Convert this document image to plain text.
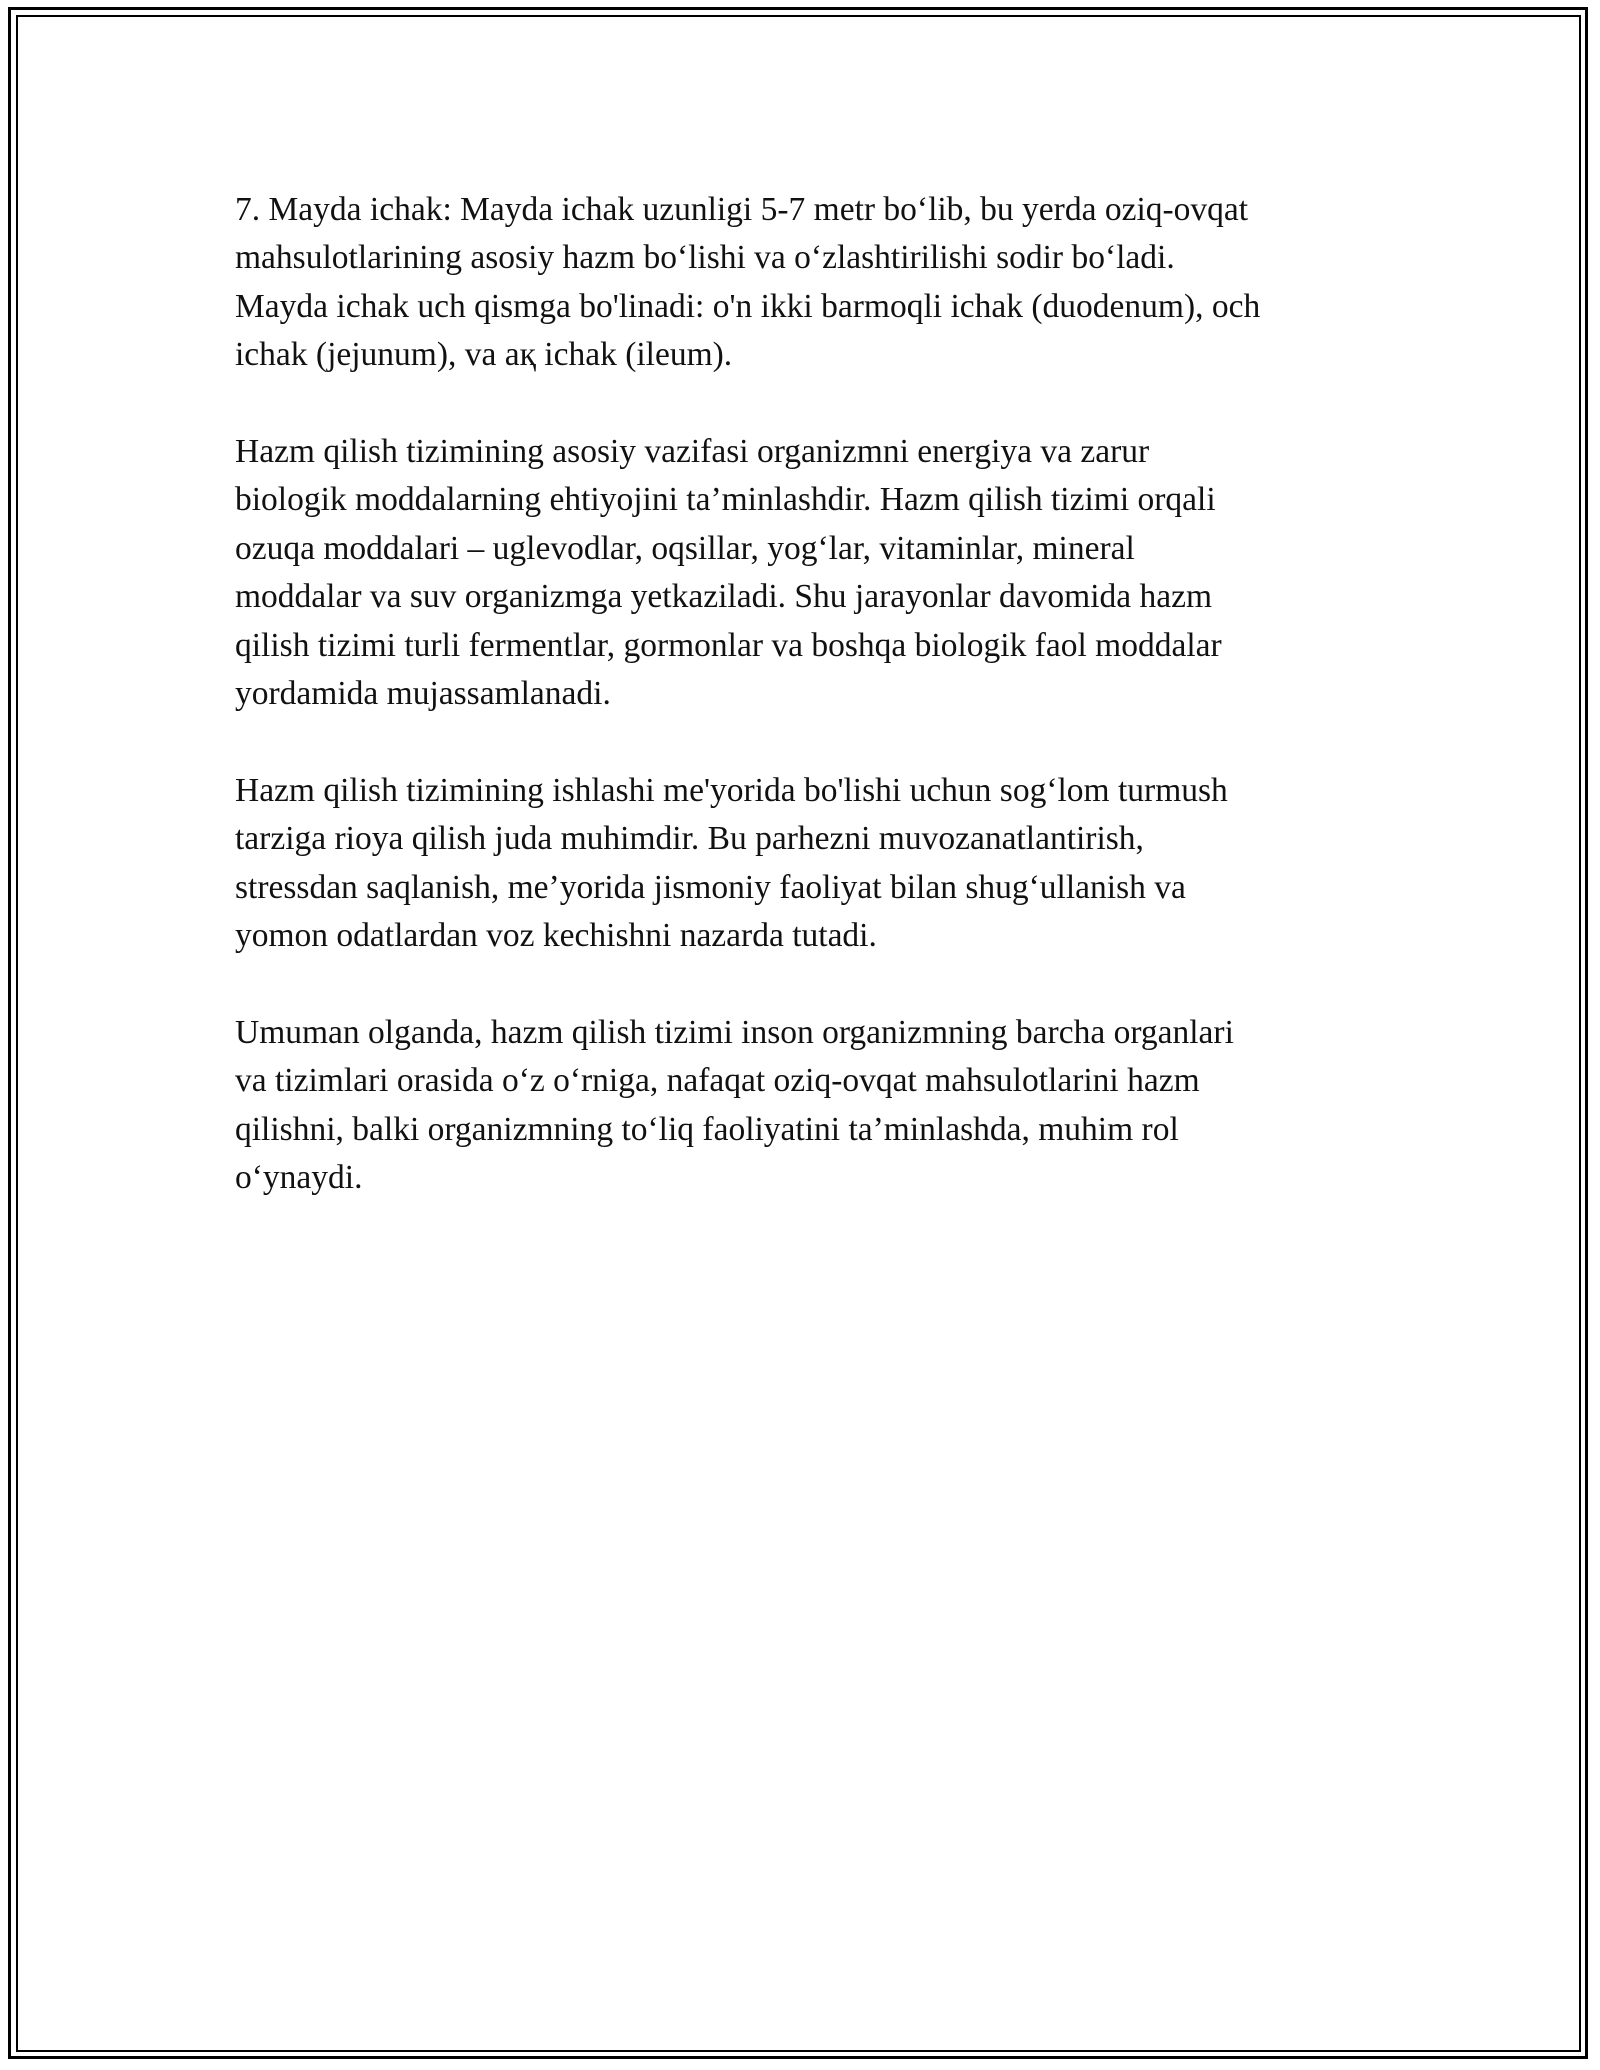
7. Mayda ichak: Mayda ichak uzunligi 5-7 metr bo‘lib, bu yerda oziq-ovqat
mahsulotlarining asosiy hazm bo‘lishi va o‘zlashtirilishi sodir bo‘ladi.
Mayda ichak uch qismga bo'linadi: o'n ikki barmoqli ichak (duodenum), och
ichak (jejunum), va aқ ichak (ileum).

Hazm qilish tizimining asosiy vazifasi organizmni energiya va zarur
biologik moddalarning ehtiyojini ta’minlashdir. Hazm qilish tizimi orqali
ozuqa moddalari – uglevodlar, oqsillar, yog‘lar, vitaminlar, mineral
moddalar va suv organizmga yetkaziladi. Shu jarayonlar davomida hazm
qilish tizimi turli fermentlar, gormonlar va boshqa biologik faol moddalar
yordamida mujassamlanadi.

Hazm qilish tizimining ishlashi me'yorida bo'lishi uchun sog‘lom turmush
tarziga rioya qilish juda muhimdir. Bu parhezni muvozanatlantirish,
stressdan saqlanish, me’yorida jismoniy faoliyat bilan shug‘ullanish va
yomon odatlardan voz kechishni nazarda tutadi.

Umuman olganda, hazm qilish tizimi inson organizmning barcha organlari
va tizimlari orasida o‘z o‘rniga, nafaqat oziq-ovqat mahsulotlarini hazm
qilishni, balki organizmning to‘liq faoliyatini ta’minlashda, muhim rol
o‘ynaydi.
